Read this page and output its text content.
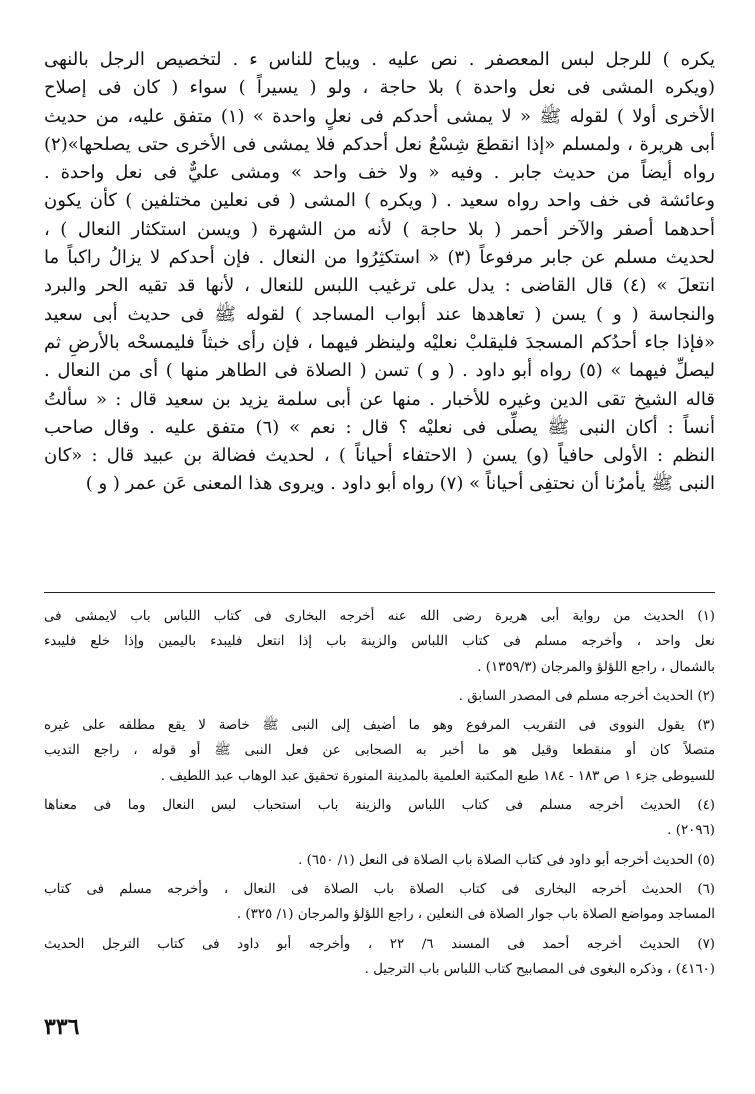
يكره ) للرجل لبس المعصفر . نص عليه . ويباح للناس ء . لتخصيص الرجل بالنهى
(ويكره المشى فى نعل واحدة ) بلا حاجة ، ولو ( يسيراً ) سواء ( كان فى إصلاح
الأخرى أولا ) لقوله ﷺ « لا يمشى أحدكم فى نعلٍ واحدة » (١) متفق عليه، من حديث
أبى هريرة ، ولمسلم «إذا انقطعَ شِسْعُ نعل أحدكم فلا يمشى فى الأخرى حتى يصلحها»(٢)
رواه أيضاً من حديث جابر . وفيه « ولا خف واحد » ومشى عليٌّ فى نعل واحدة .
وعائشة فى خف واحد رواه سعيد . ( ويكره ) المشى ( فى نعلين مختلفين ) كأن يكون
أحدهما أصفر والآخر أحمر ( بلا حاجة ) لأنه من الشهرة ( ويسن استكثار النعال ) ،
لحديث مسلم عن جابر مرفوعاً (٣) « استكثِرُوا من النعال . فإن أحدكم لا يزالُ راكباً ما
انتعلَ » (٤) قال القاضى : يدل على ترغيب اللبس للنعال ، لأنها قد تقيه الحر والبرد
والنجاسة ( و ) يسن ( تعاهدها عند أبواب المساجد ) لقوله ﷺ فى حديث أبى سعيد
«فإذا جاء أحدُكم المسجدَ فليقلبْ نعليْه ولينظر فيهما ، فإن رأى خبثاً فليمسحْه بالأرضِ ثم
ليصلِّ فيهما » (٥) رواه أبو داود . ( و ) تسن ( الصلاة فى الطاهر منها ) أى من النعال .
قاله الشيخ تقى الدين وغيره للأخبار . منها عن أبى سلمة يزيد بن سعيد قال : « سألتُ
أنساً : أكان النبى ﷺ يصلِّى فى نعليْه ؟ قال : نعم » (٦) متفق عليه . وقال صاحب
النظم : الأولى حافياً (و) يسن ( الاحتفاء أحياناً ) ، لحديث فضالة بن عبيد قال : «كان
النبى ﷺ يأمرُنا أن نحتفِى أحياناً » (٧) رواه أبو داود . ويروى هذا المعنى عَن عمر ( و )
(١) الحديث من رواية أبى هريرة رضى الله عنه أخرجه البخارى فى كتاب اللباس باب لايمشى فى
نعل واحد ، وأخرجه مسلم فى كتاب اللباس والزينة باب إذا انتعل فليبدء باليمين وإذا خلع فليبدء
بالشمال ، راجع اللؤلؤ والمرجان (١٣٥٩/٣) .
(٢) الحديث أخرجه مسلم فى المصدر السابق .
(٣) يقول النووى فى التقريب المرفوع وهو ما أضيف إلى النبى ﷺ خاصة لا يقع مطلقه على غيره
متصلاً كان أو منقطعا وقيل هو ما أخبر به الصحابى عن فعل النبى ﷺ أو قوله ، راجع التديب
للسيوطى جزء ١ ص ١٨٣ - ١٨٤ طبع المكتبة العلمية بالمدينة المنورة تحقيق عبد الوهاب عبد اللطيف .
(٤) الحديث أخرجه مسلم فى كتاب اللباس والزينة باب استحباب لبس النعال وما فى معناها
(٢٠٩٦) .
(٥) الحديث أخرجه أبو داود فى كتاب الصلاة باب الصلاة فى النعل (١/ ٦٥٠) .
(٦) الحديث أخرجه البخارى فى كتاب الصلاة باب الصلاة فى النعال ، وأخرجه مسلم فى كتاب
المساجد ومواضع الصلاة باب جوار الصلاة فى النعلين ، راجع اللؤلؤ والمرجان (١/ ٣٢٥) .
(٧) الحديث أخرجه أحمد فى المسند ٦/ ٢٢ ، وأخرجه أبو داود فى كتاب الترجل الحديث
(٤١٦٠) ، وذكره البغوى فى المصابيح كتاب اللباس باب الترجيل .
٣٣٦
